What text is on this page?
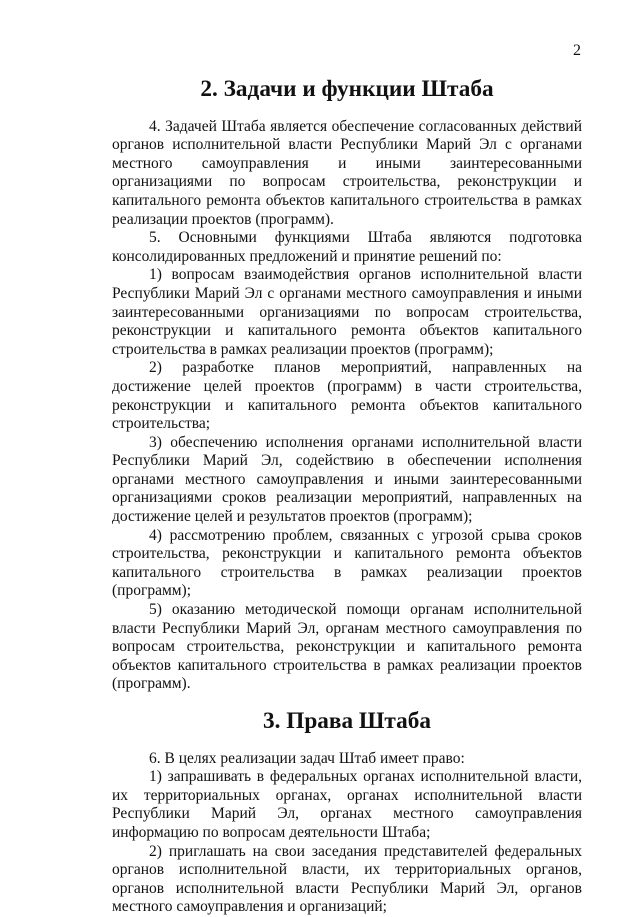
2
2. Задачи и функции Штаба

4. Задачей Штаба является обеспечение согласованных действий органов исполнительной власти Республики Марий Эл с органами местного самоуправления и иными заинтересованными организациями по вопросам строительства, реконструкции и капитального ремонта объектов капитального строительства в рамках реализации проектов (программ).

5. Основными функциями Штаба являются подготовка консолидированных предложений и принятие решений по:

1) вопросам взаимодействия органов исполнительной власти Республики Марий Эл с органами местного самоуправления и иными заинтересованными организациями по вопросам строительства, реконструкции и капитального ремонта объектов капитального строительства в рамках реализации проектов (программ);

2) разработке планов мероприятий, направленных на достижение целей проектов (программ) в части строительства, реконструкции и капитального ремонта объектов капитального строительства;

3) обеспечению исполнения органами исполнительной власти Республики Марий Эл, содействию в обеспечении исполнения органами местного самоуправления и иными заинтересованными организациями сроков реализации мероприятий, направленных на достижение целей и результатов проектов (программ);

4) рассмотрению проблем, связанных с угрозой срыва сроков строительства, реконструкции и капитального ремонта объектов капитального строительства в рамках реализации проектов (программ);

5) оказанию методической помощи органам исполнительной власти Республики Марий Эл, органам местного самоуправления по вопросам строительства, реконструкции и капитального ремонта объектов капитального строительства в рамках реализации проектов (программ).

3. Права Штаба

6. В целях реализации задач Штаб имеет право:

1) запрашивать в федеральных органах исполнительной власти, их территориальных органах, органах исполнительной власти Республики Марий Эл, органах местного самоуправления информацию по вопросам деятельности Штаба;

2) приглашать на свои заседания представителей федеральных органов исполнительной власти, их территориальных органов, органов исполнительной власти Республики Марий Эл, органов местного самоуправления и организаций;
